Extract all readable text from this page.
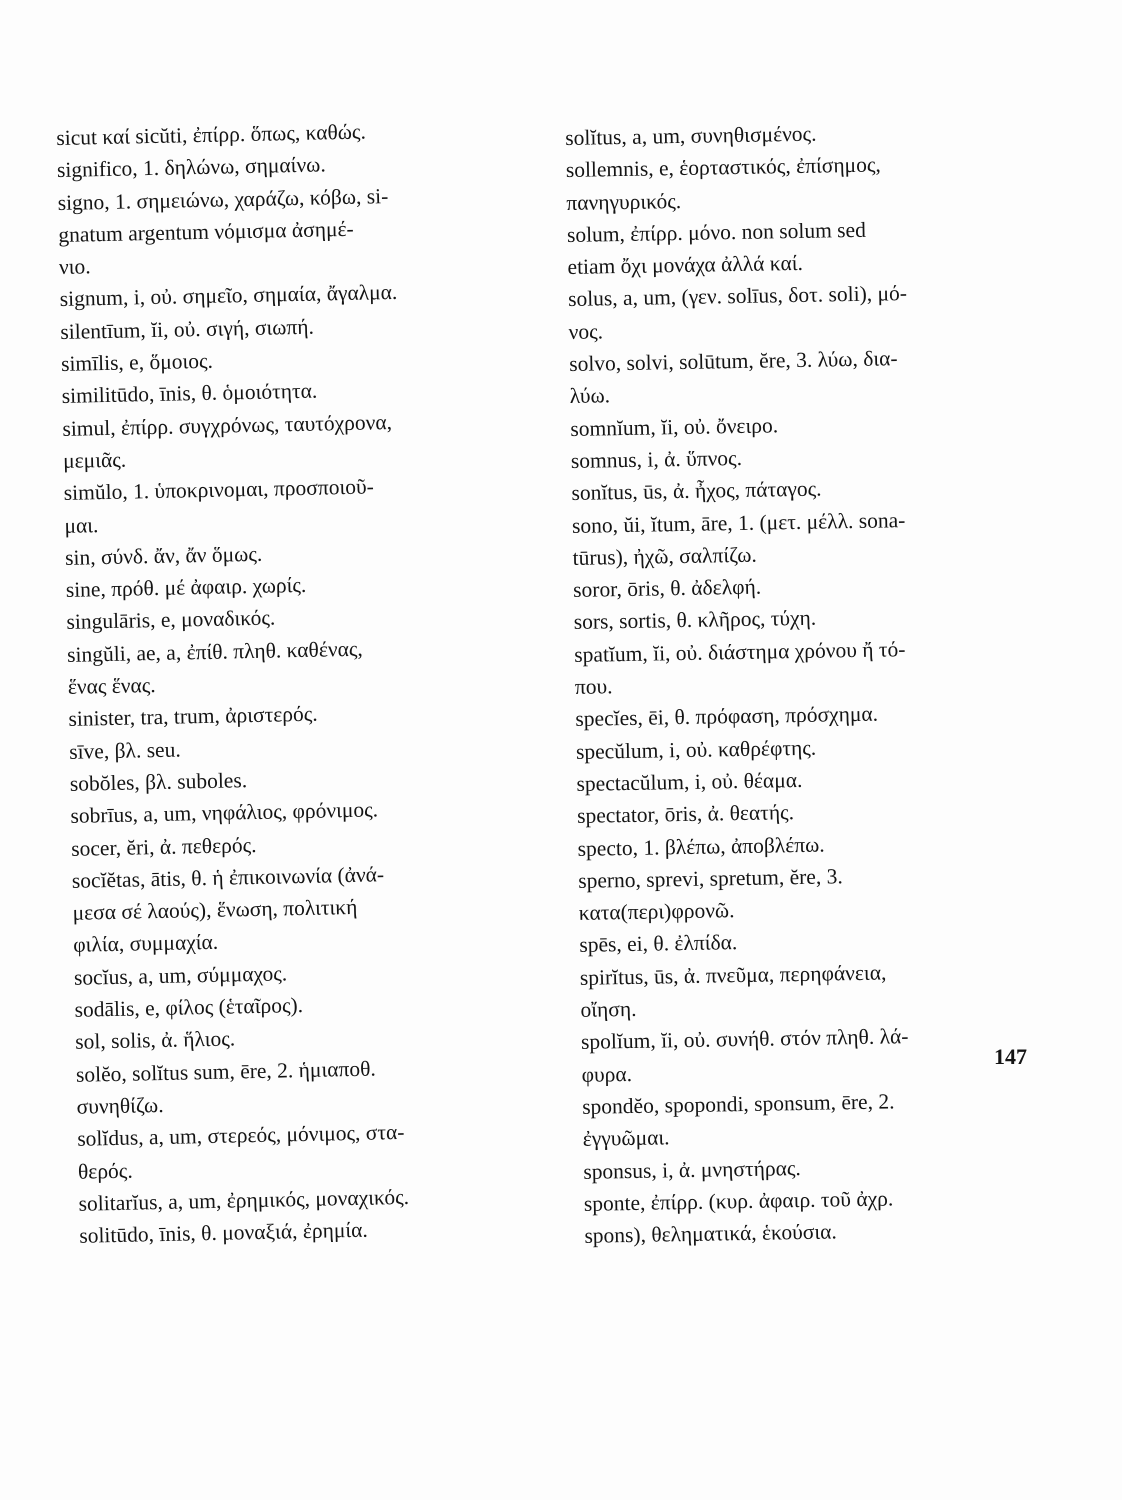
sicut καί sicŭti, ἐπίρρ. ὅπως, καθώς.
significo, 1. δηλώνω, σημαίνω.
signo, 1. σημειώνω, χαράζω, κόβω, si-
gnatum argentum νόμισμα ἀσημέ-
νιο.
signum, i, οὐ. σημεῖο, σημαία, ἄγαλμα.
silentīum, ĭi, οὐ. σιγή, σιωπή.
simīlis, e, ὅμοιος.
similitūdo, īnis, θ. ὁμοιότητα.
simul, ἐπίρρ. συγχρόνως, ταυτόχρονα,
μεμιᾶς.
simŭlo, 1. ὑποκρινομαι, προσποιοῦ-
μαι.
sin, σύνδ. ἄν, ἄν ὅμως.
sine, πρόθ. μέ ἀφαιρ. χωρίς.
singulāris, e, μοναδικός.
singŭli, ae, a, ἐπίθ. πληθ. καθένας,
ἕνας ἕνας.
sinister, tra, trum, ἀριστερός.
sīve, βλ. seu.
sobŏles, βλ. suboles.
sobrīus, a, um, νηφάλιος, φρόνιμος.
socer, ĕri, ἀ. πεθερός.
socĭĕtas, ātis, θ. ἡ ἐπικοινωνία (ἀνά-
μεσα σέ λαούς), ἕνωση, πολιτική
φιλία, συμμαχία.
socĭus, a, um, σύμμαχος.
sodālis, e, φίλος (ἑταῖρος).
sol, solis, ἀ. ἥλιος.
solĕo, solĭtus sum, ēre, 2. ἡμιαποθ.
συνηθίζω.
solĭdus, a, um, στερεός, μόνιμος, στα-
θερός.
solitarĭus, a, um, ἐρημικός, μοναχικός.
solitūdo, īnis, θ. μοναξιά, ἐρημία.
solĭtus, a, um, συνηθισμένος.
sollemnis, e, ἑορταστικός, ἐπίσημος,
πανηγυρικός.
solum, ἐπίρρ. μόνο. non solum sed
etiam ὄχι μονάχα ἀλλά καί.
solus, a, um, (γεν. solīus, δοτ. soli), μό-
νος.
solvo, solvi, solūtum, ĕre, 3. λύω, δια-
λύω.
somnĭum, ĭi, οὐ. ὄνειρο.
somnus, i, ἀ. ὕπνος.
sonĭtus, ūs, ἀ. ἦχος, πάταγος.
sono, ŭi, ĭtum, āre, 1. (μετ. μέλλ. sona-
tūrus), ἠχῶ, σαλπίζω.
soror, ōris, θ. ἀδελφή.
sors, sortis, θ. κλῆρος, τύχη.
spatĭum, ĭi, οὐ. διάστημα χρόνου ἤ τό-
που.
specĭes, ēi, θ. πρόφαση, πρόσχημα.
specŭlum, i, οὐ. καθρέφτης.
spectacŭlum, i, οὐ. θέαμα.
spectator, ōris, ἀ. θεατής.
specto, 1. βλέπω, ἀποβλέπω.
sperno, sprevi, spretum, ĕre, 3.
κατα(περι)φρονῶ.
spēs, ei, θ. ἐλπίδα.
spirĭtus, ūs, ἀ. πνεῦμα, περηφάνεια,
οἴηση.
spolĭum, ĭi, οὐ. συνήθ. στόν πληθ. λά-
φυρα.
spondĕo, spopondi, sponsum, ēre, 2.
ἐγγυῶμαι.
sponsus, i, ἀ. μνηστήρας.
sponte, ἐπίρρ. (κυρ. ἀφαιρ. τοῦ ἀχρ.
spons), θεληματικά, ἑκούσια.
147
